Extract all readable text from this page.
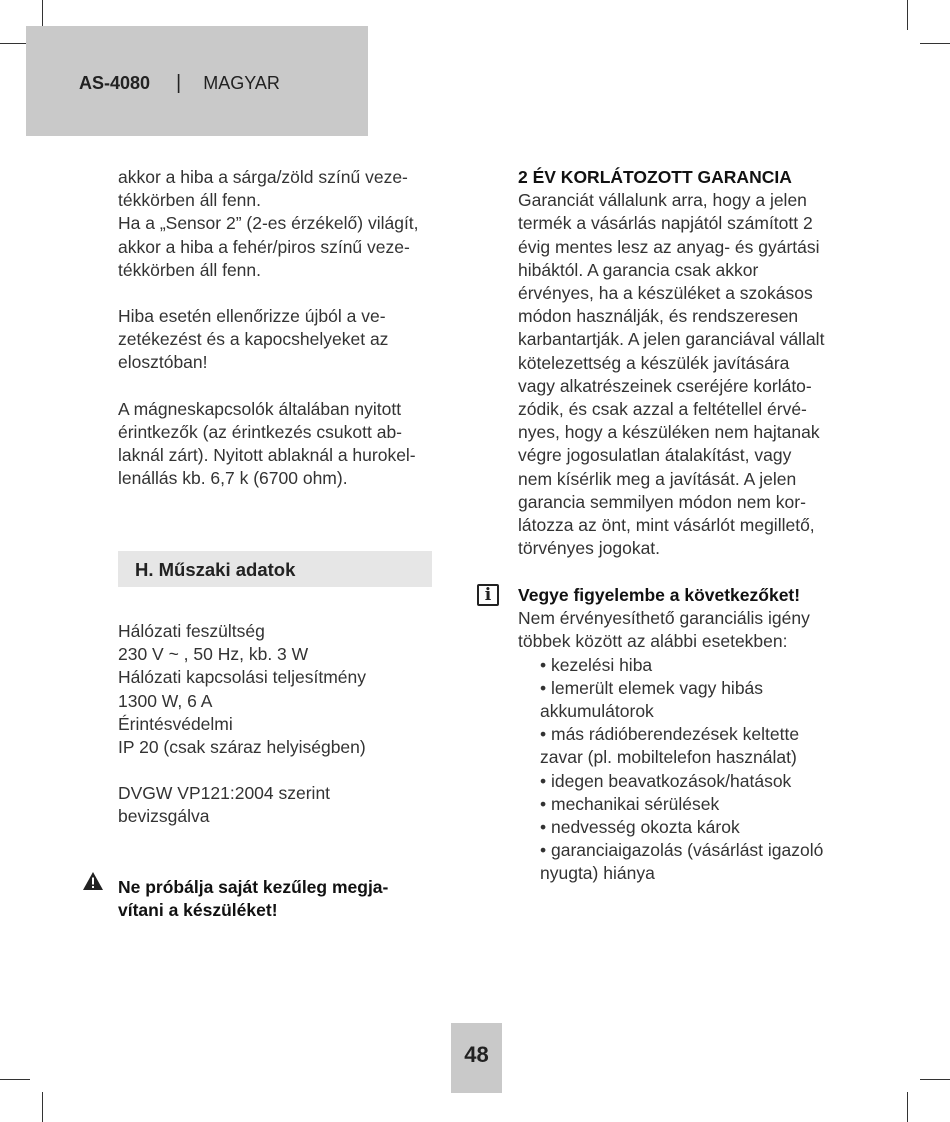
AS-4080 | MAGYAR

akkor a hiba a sárga/zöld színű veze-

tékkörben áll fenn.

Ha a „Sensor 2” (2-es érzékelő) világít,

akkor a hiba a fehér/piros színű veze-

tékkörben áll fenn.

Hiba esetén ellenőrizze újból a ve-

zetékezést és a kapocshelyeket az

elosztóban!

A mágneskapcsolók általában nyitott

érintkezők (az érintkezés csukott ab-

laknál zárt). Nyitott ablaknál a hurokel-

lenállás kb. 6,7 k (6700 ohm).

H. Műszaki adatok

Hálózati feszültség

230 V ~ , 50 Hz, kb. 3 W

Hálózati kapcsolási teljesítmény

1300 W, 6 A

Érintésvédelmi

IP 20 (csak száraz helyiségben)

DVGW VP121:2004 szerint

bevizsgálva

Ne próbálja saját kezűleg megja-

vítani a készüléket!

2 ÉV KORLÁTOZOTT GARANCIA

Garanciát vállalunk arra, hogy a jelen

termék a vásárlás napjától számított 2

évig mentes lesz az anyag- és gyártási

hibáktól. A garancia csak akkor

érvényes, ha a készüléket a szokásos

módon használják, és rendszeresen

karbantartják. A jelen garanciával vállalt

kötelezettség a készülék javítására

vagy alkatrészeinek cseréjére korláto-

zódik, és csak azzal a feltétellel érvé-

nyes, hogy a készüléken nem hajtanak

végre jogosulatlan átalakítást, vagy

nem kísérlik meg a javítását. A jelen

garancia semmilyen módon nem kor-

látozza az önt, mint vásárlót megillető,

törvényes jogokat.

i	Vegye figyelembe a következőket!

Nem érvényesíthető garanciális igény

többek között az alábbi esetekben:

• kezelési hiba
• lemerült elemek vagy hibás
akkumulátorok
• más rádióberendezések keltette
zavar (pl. mobiltelefon használat)
• idegen beavatkozások/hatások
• mechanikai sérülések
• nedvesség okozta károk
• garanciaigazolás (vásárlást igazoló
nyugta) hiánya
48
